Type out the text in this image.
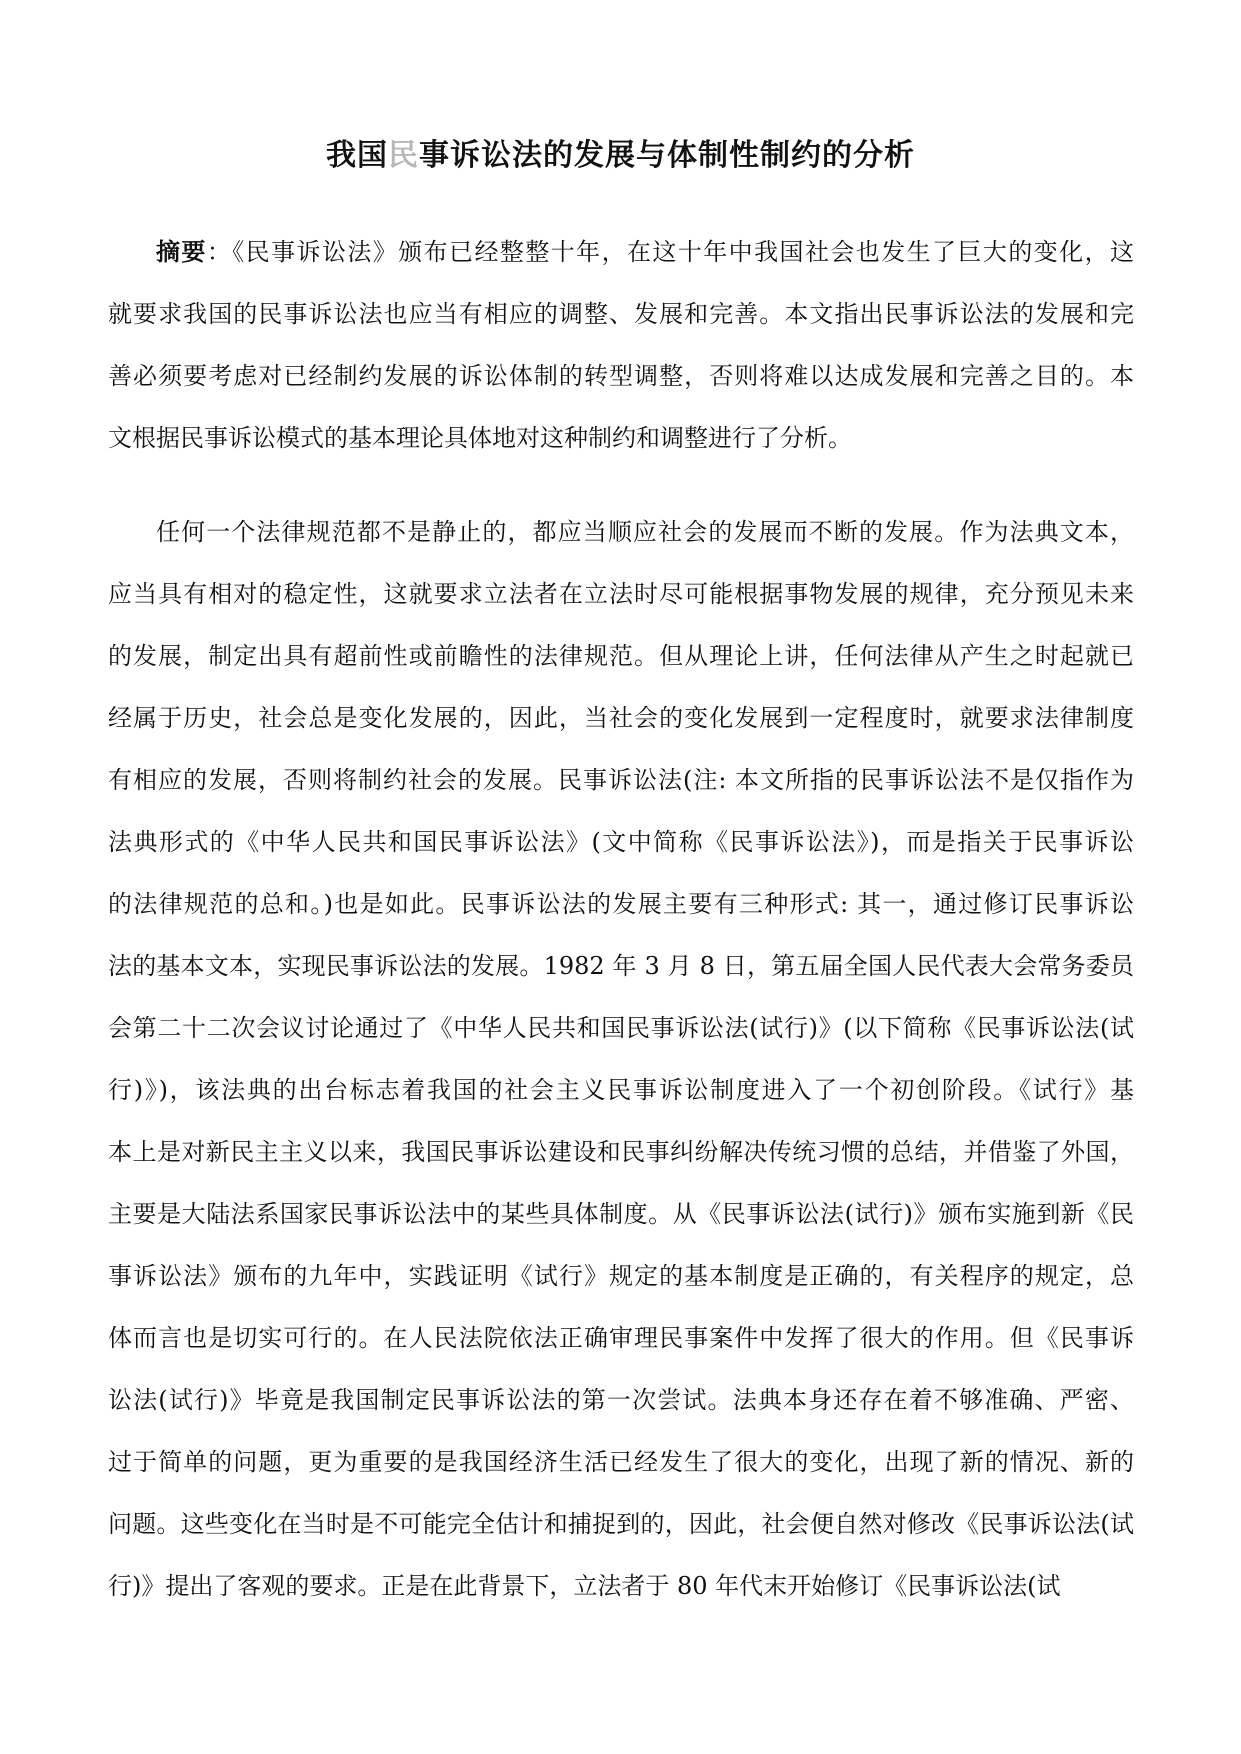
我国民事诉讼法的发展与体制性制约的分析
摘要：《民事诉讼法》颁布已经整整十年，在这十年中我国社会也发生了巨大的变化，这
就要求我国的民事诉讼法也应当有相应的调整、发展和完善。本文指出民事诉讼法的发展和完
善必须要考虑对已经制约发展的诉讼体制的转型调整，否则将难以达成发展和完善之目的。本
文根据民事诉讼模式的基本理论具体地对这种制约和调整进行了分析。
任何一个法律规范都不是静止的，都应当顺应社会的发展而不断的发展。作为法典文本，
应当具有相对的稳定性，这就要求立法者在立法时尽可能根据事物发展的规律，充分预见未来
的发展，制定出具有超前性或前瞻性的法律规范。但从理论上讲，任何法律从产生之时起就已
经属于历史，社会总是变化发展的，因此，当社会的变化发展到一定程度时，就要求法律制度
有相应的发展，否则将制约社会的发展。民事诉讼法(注: 本文所指的民事诉讼法不是仅指作为
法典形式的《中华人民共和国民事诉讼法》(文中简称《民事诉讼法》)，而是指关于民事诉讼
的法律规范的总和。)也是如此。民事诉讼法的发展主要有三种形式: 其一，通过修订民事诉讼
法的基本文本，实现民事诉讼法的发展。1982 年 3 月 8 日，第五届全国人民代表大会常务委员
会第二十二次会议讨论通过了《中华人民共和国民事诉讼法(试行)》(以下简称《民事诉讼法(试
行)》)，该法典的出台标志着我国的社会主义民事诉讼制度进入了一个初创阶段。《试行》基
本上是对新民主主义以来，我国民事诉讼建设和民事纠纷解决传统习惯的总结，并借鉴了外国，
主要是大陆法系国家民事诉讼法中的某些具体制度。从《民事诉讼法(试行)》颁布实施到新《民
事诉讼法》颁布的九年中，实践证明《试行》规定的基本制度是正确的，有关程序的规定，总
体而言也是切实可行的。在人民法院依法正确审理民事案件中发挥了很大的作用。但《民事诉
讼法(试行)》毕竟是我国制定民事诉讼法的第一次尝试。法典本身还存在着不够准确、严密、
过于简单的问题，更为重要的是我国经济生活已经发生了很大的变化，出现了新的情况、新的
问题。这些变化在当时是不可能完全估计和捕捉到的，因此，社会便自然对修改《民事诉讼法(试
行)》提出了客观的要求。正是在此背景下，立法者于 80 年代末开始修订《民事诉讼法(试
